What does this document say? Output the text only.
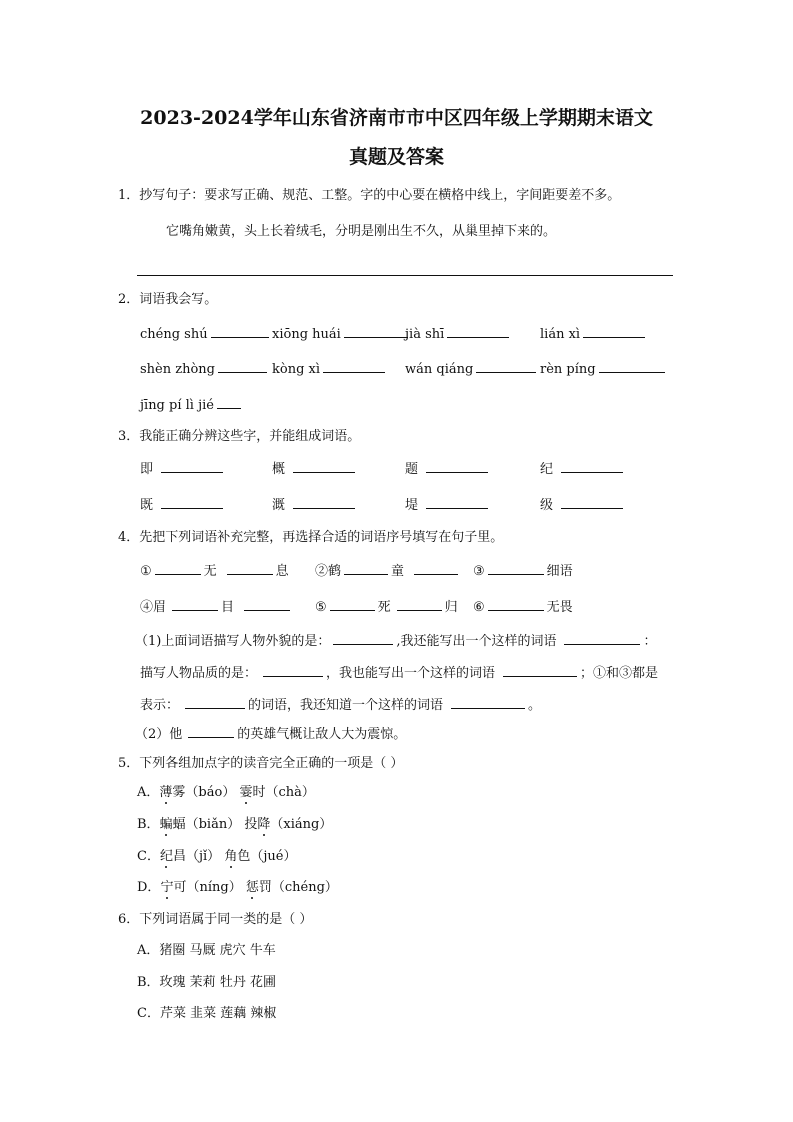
2023-2024学年山东省济南市市中区四年级上学期期末语文
真题及答案
1．抄写句子：要求写正确、规范、工整。字的中心要在横格中线上，字间距要差不多。
它嘴角嫩黄，头上长着绒毛，分明是刚出生不久，从巢里掉下来的。
2．词语我会写。
chéng shú	xiōng huái	jià shī	lián xì
shèn zhòng	kòng xì	wán qiáng	rèn píng
jīng pí lì jié
3．我能正确分辨这些字，并能组成词语。
即	概	题	纪
既	溉	堤	级
4．先把下列词语补充完整，再选择合适的词语序号填写在句子里。
①	无	息 ②鹤	童	③	细语
④眉	目	⑤	死	归 ⑥	无畏
（1)上面词语描写人物外貌的是：	,我还能写出一个这样的词语	：
描写人物品质的是：	，我也能写出一个这样的词语	；①和③都是
表示：	的词语，我还知道一个这样的词语	。
（2）他	的英雄气概让敌人大为震惊。
5．下列各组加点字的读音完全正确的一项是（ ）
A．薄雾（báo） 霎时（chà）
B．蝙蝠（biǎn） 投降（xiáng）
C．纪昌（jǐ） 角色（jué）
D．宁可（níng） 惩罚（chéng）
6．下列词语属于同一类的是（ ）
A．猪圈 马厩 虎穴 牛车
B．玫瑰 茉莉 牡丹 花圃
C．芹菜 韭菜 莲藕 辣椒
